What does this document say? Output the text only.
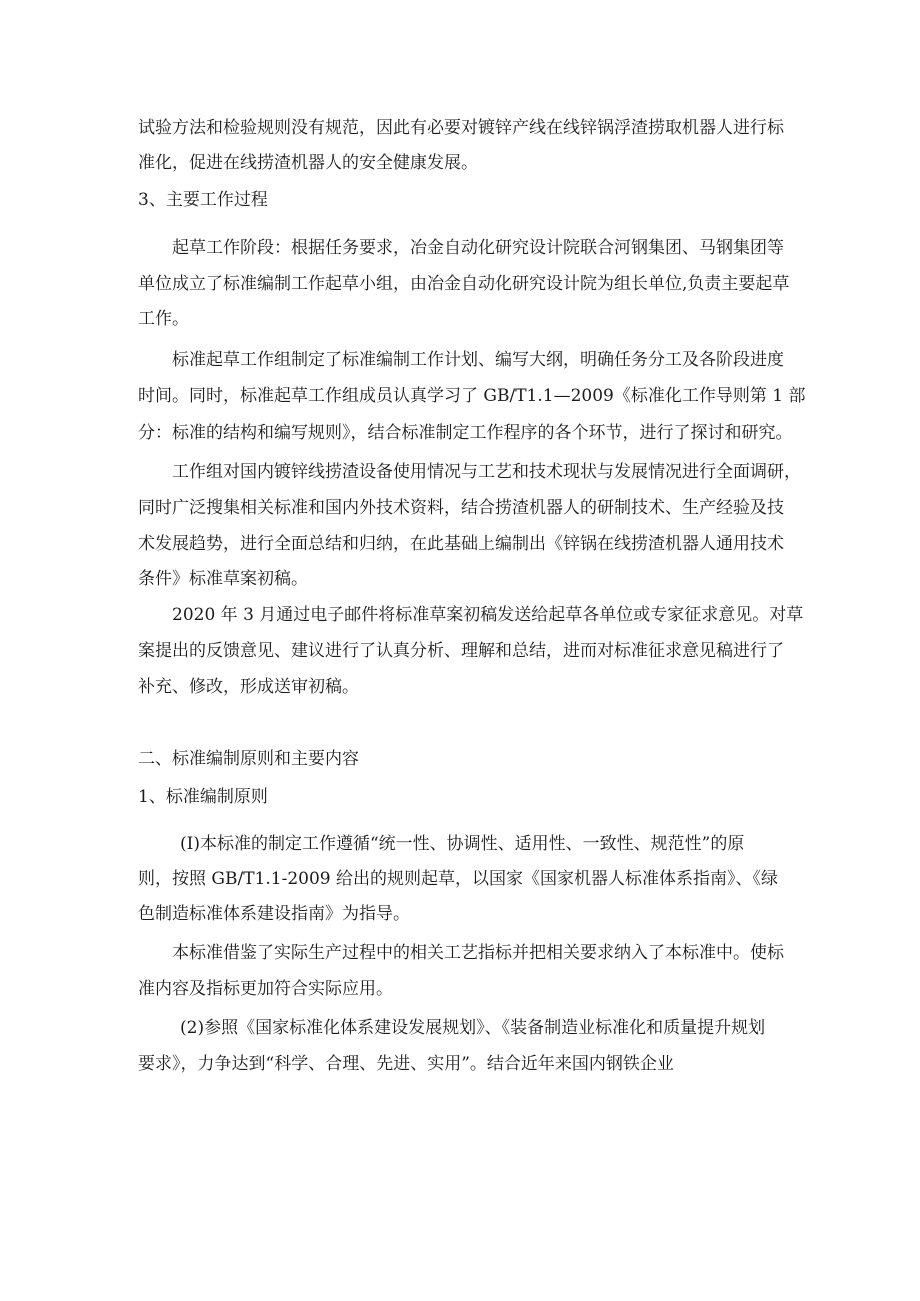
试验方法和检验规则没有规范，因此有必要对镀锌产线在线锌锅浮渣捞取机器人进行标
准化，促进在线捞渣机器人的安全健康发展。
3、主要工作过程
起草工作阶段：根据任务要求，冶金自动化研究设计院联合河钢集团、马钢集团等
单位成立了标准编制工作起草小组，由冶金自动化研究设计院为组长单位,负责主要起草
工作。
标准起草工作组制定了标准编制工作计划、编写大纲，明确任务分工及各阶段进度
时间。同时，标准起草工作组成员认真学习了 GB/T1.1—2009《标准化工作导则第 1 部
分：标准的结构和编写规则》，结合标准制定工作程序的各个环节，进行了探讨和研究。
工作组对国内镀锌线捞渣设备使用情况与工艺和技术现状与发展情况进行全面调研，
同时广泛搜集相关标准和国内外技术资料，结合捞渣机器人的研制技术、生产经验及技
术发展趋势，进行全面总结和归纳，在此基础上编制出《锌锅在线捞渣机器人通用技术
条件》标准草案初稿。
2020 年 3 月通过电子邮件将标准草案初稿发送给起草各单位或专家征求意见。对草
案提出的反馈意见、建议进行了认真分析、理解和总结，进而对标准征求意见稿进行了
补充、修改，形成送审初稿。
二、标准编制原则和主要内容
1、标准编制原则
(I)本标准的制定工作遵循“统一性、协调性、适用性、一致性、规范性”的原
则，按照 GB/T1.1-2009 给出的规则起草，以国家《国家机器人标准体系指南》、《绿
色制造标准体系建设指南》为指导。
本标准借鉴了实际生产过程中的相关工艺指标并把相关要求纳入了本标准中。使标
准内容及指标更加符合实际应用。
(2)参照《国家标准化体系建设发展规划》、《装备制造业标准化和质量提升规划
要求》，力争达到“科学、合理、先进、实用”。结合近年来国内钢铁企业
